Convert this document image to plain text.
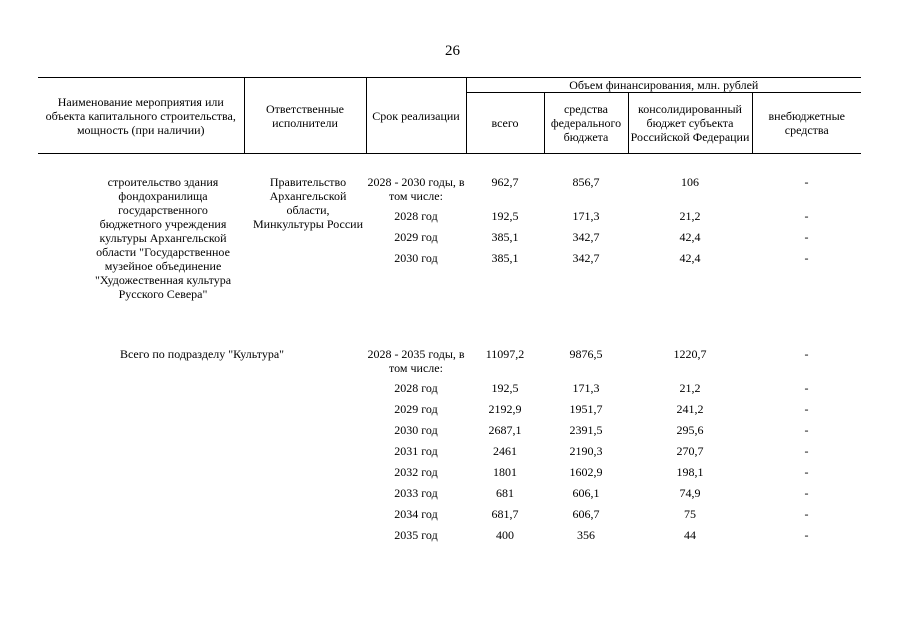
26
Наименование мероприятия или объекта капитального строительства, мощность (при наличии)	Ответственные исполнители	Срок реализации	Объем финансирования, млн. рублей			
			всего	средства федерального бюджета	консолидированный бюджет субъекта Российской Федерации	внебюджетные средства

строительство здания фондохранилища государственного бюджетного учреждения культуры Архангельской области "Государственное музейное объединение "Художественная культура Русского Севера"	Правительство Архангельской области, Минкультуры России	2028 - 2030 годы, в том числе:	962,7	856,7	106	-
		2028 год	192,5	171,3	21,2	-
		2029 год	385,1	342,7	42,4	-
		2030 год	385,1	342,7	42,4	-

Всего по подразделу "Культура"		2028 - 2035 годы, в том числе:	11097,2	9876,5	1220,7	-
		2028 год	192,5	171,3	21,2	-
		2029 год	2192,9	1951,7	241,2	-
		2030 год	2687,1	2391,5	295,6	-
		2031 год	2461	2190,3	270,7	-
		2032 год	1801	1602,9	198,1	-
		2033 год	681	606,1	74,9	-
		2034 год	681,7	606,7	75	-
		2035 год	400	356	44	-
